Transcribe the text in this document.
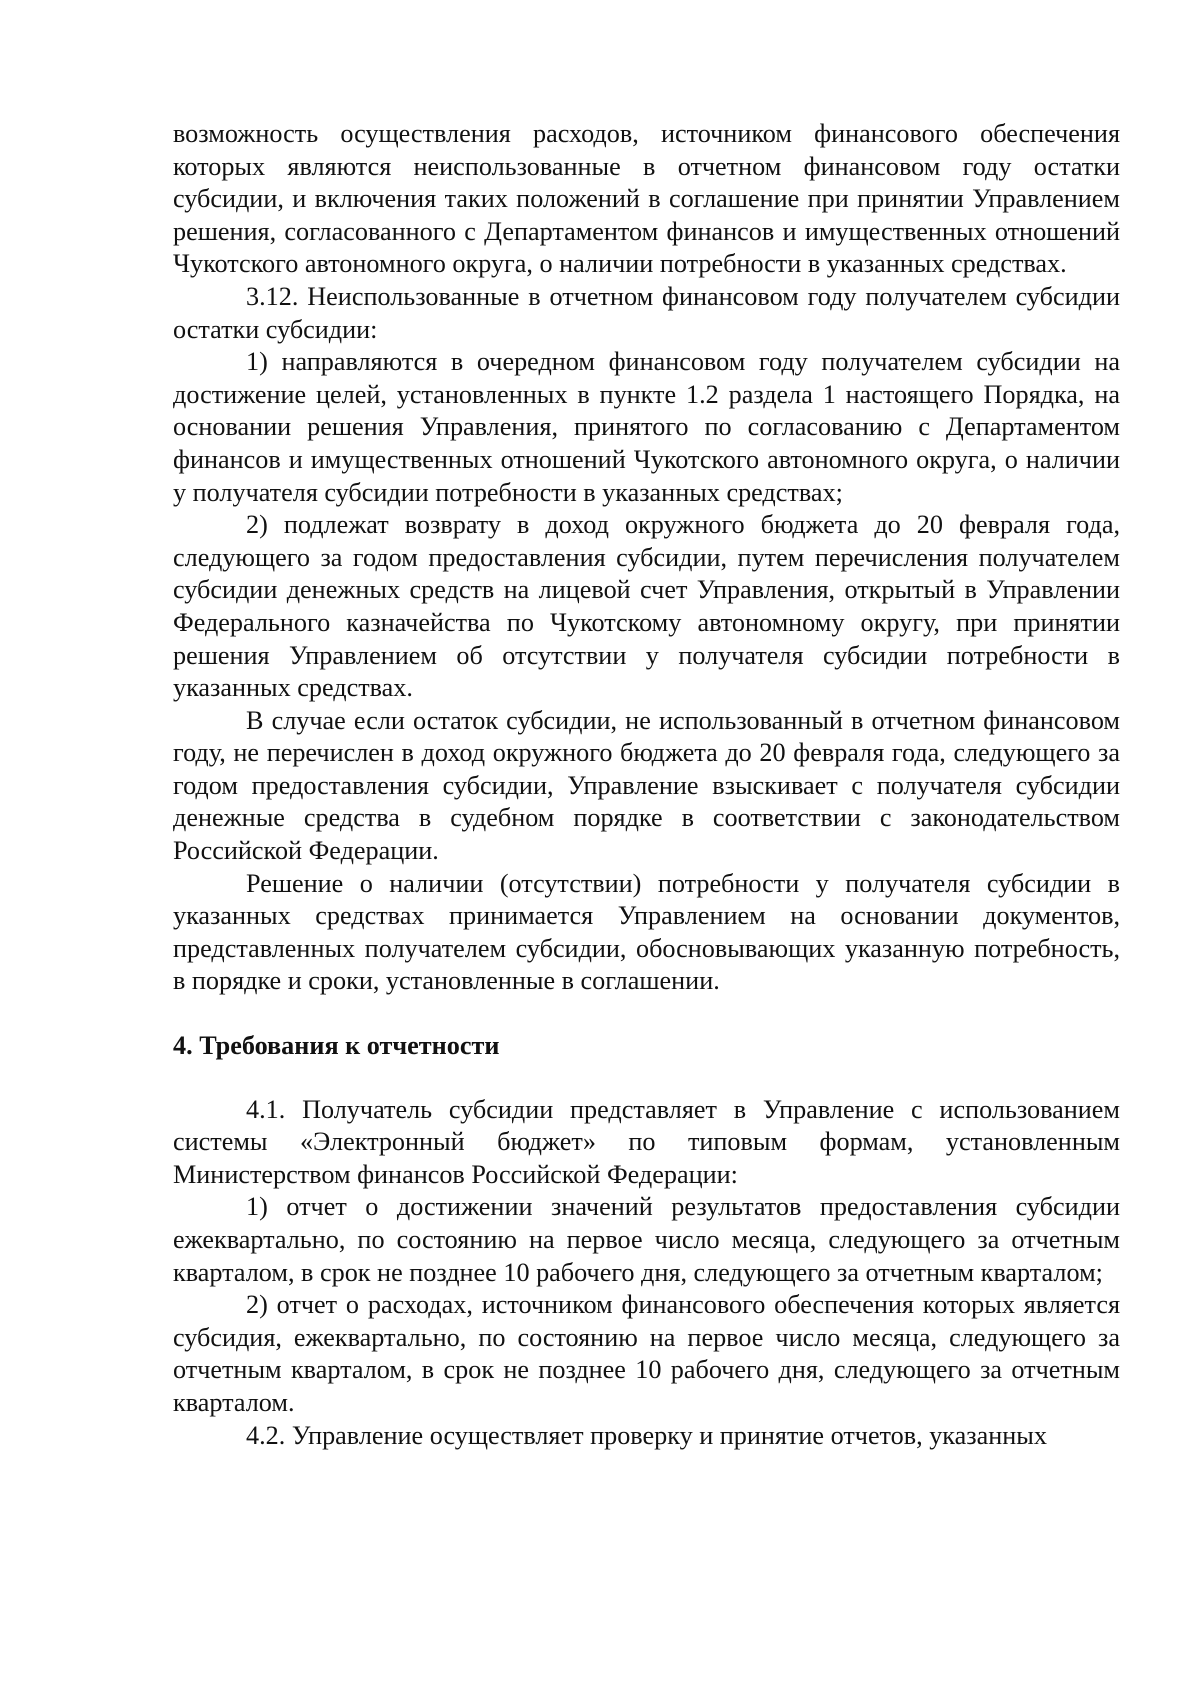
возможность осуществления расходов, источником финансового обеспечения которых являются неиспользованные в отчетном финансовом году остатки субсидии, и включения таких положений в соглашение при принятии Управлением решения, согласованного с Департаментом финансов и имущественных отношений Чукотского автономного округа, о наличии потребности в указанных средствах.

3.12. Неиспользованные в отчетном финансовом году получателем субсидии остатки субсидии:

1) направляются в очередном финансовом году получателем субсидии на достижение целей, установленных в пункте 1.2 раздела 1 настоящего Порядка, на основании решения Управления, принятого по согласованию с Департаментом финансов и имущественных отношений Чукотского автономного округа, о наличии у получателя субсидии потребности в указанных средствах;

2) подлежат возврату в доход окружного бюджета до 20 февраля года, следующего за годом предоставления субсидии, путем перечисления получателем субсидии денежных средств на лицевой счет Управления, открытый в Управлении Федерального казначейства по Чукотскому автономному округу, при принятии решения Управлением об отсутствии у получателя субсидии потребности в указанных средствах.

В случае если остаток субсидии, не использованный в отчетном финансовом году, не перечислен в доход окружного бюджета до 20 февраля года, следующего за годом предоставления субсидии, Управление взыскивает с получателя субсидии денежные средства в судебном порядке в соответствии с законодательством Российской Федерации.

Решение о наличии (отсутствии) потребности у получателя субсидии в указанных средствах принимается Управлением на основании документов, представленных получателем субсидии, обосновывающих указанную потребность, в порядке и сроки, установленные в соглашении.

4. Требования к отчетности

4.1. Получатель субсидии представляет в Управление с использованием системы «Электронный бюджет» по типовым формам, установленным Министерством финансов Российской Федерации:

1) отчет о достижении значений результатов предоставления субсидии ежеквартально, по состоянию на первое число месяца, следующего за отчетным кварталом, в срок не позднее 10 рабочего дня, следующего за отчетным кварталом;

2) отчет о расходах, источником финансового обеспечения которых является субсидия, ежеквартально, по состоянию на первое число месяца, следующего за отчетным кварталом, в срок не позднее 10 рабочего дня, следующего за отчетным кварталом.

4.2. Управление осуществляет проверку и принятие отчетов, указанных
